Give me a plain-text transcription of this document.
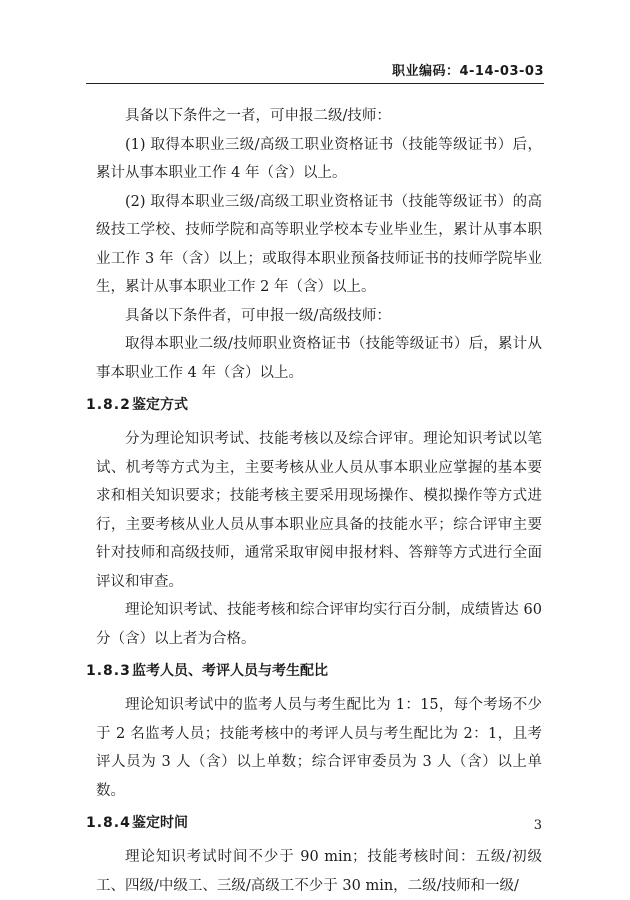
职业编码：4-14-03-03

具备以下条件之一者，可申报二级/技师：

(1) 取得本职业三级/高级工职业资格证书（技能等级证书）后，累计从事本职业工作 4 年（含）以上。

(2) 取得本职业三级/高级工职业资格证书（技能等级证书）的高级技工学校、技师学院和高等职业学校本专业毕业生，累计从事本职业工作 3 年（含）以上；或取得本职业预备技师证书的技师学院毕业生，累计从事本职业工作 2 年（含）以上。

具备以下条件者，可申报一级/高级技师：

取得本职业二级/技师职业资格证书（技能等级证书）后，累计从事本职业工作 4 年（含）以上。

1.8.2鉴定方式

分为理论知识考试、技能考核以及综合评审。理论知识考试以笔试、机考等方式为主，主要考核从业人员从事本职业应掌握的基本要求和相关知识要求；技能考核主要采用现场操作、模拟操作等方式进行，主要考核从业人员从事本职业应具备的技能水平；综合评审主要针对技师和高级技师，通常采取审阅申报材料、答辩等方式进行全面评议和审查。

理论知识考试、技能考核和综合评审均实行百分制，成绩皆达 60 分（含）以上者为合格。

1.8.3监考人员、考评人员与考生配比

理论知识考试中的监考人员与考生配比为 1：15，每个考场不少于 2 名监考人员；技能考核中的考评人员与考生配比为 2：1，且考评人员为 3 人（含）以上单数；综合评审委员为 3 人（含）以上单数。

1.8.4鉴定时间

理论知识考试时间不少于 90 min；技能考核时间：五级/初级工、四级/中级工、三级/高级工不少于 30 min，二级/技师和一级/

3
